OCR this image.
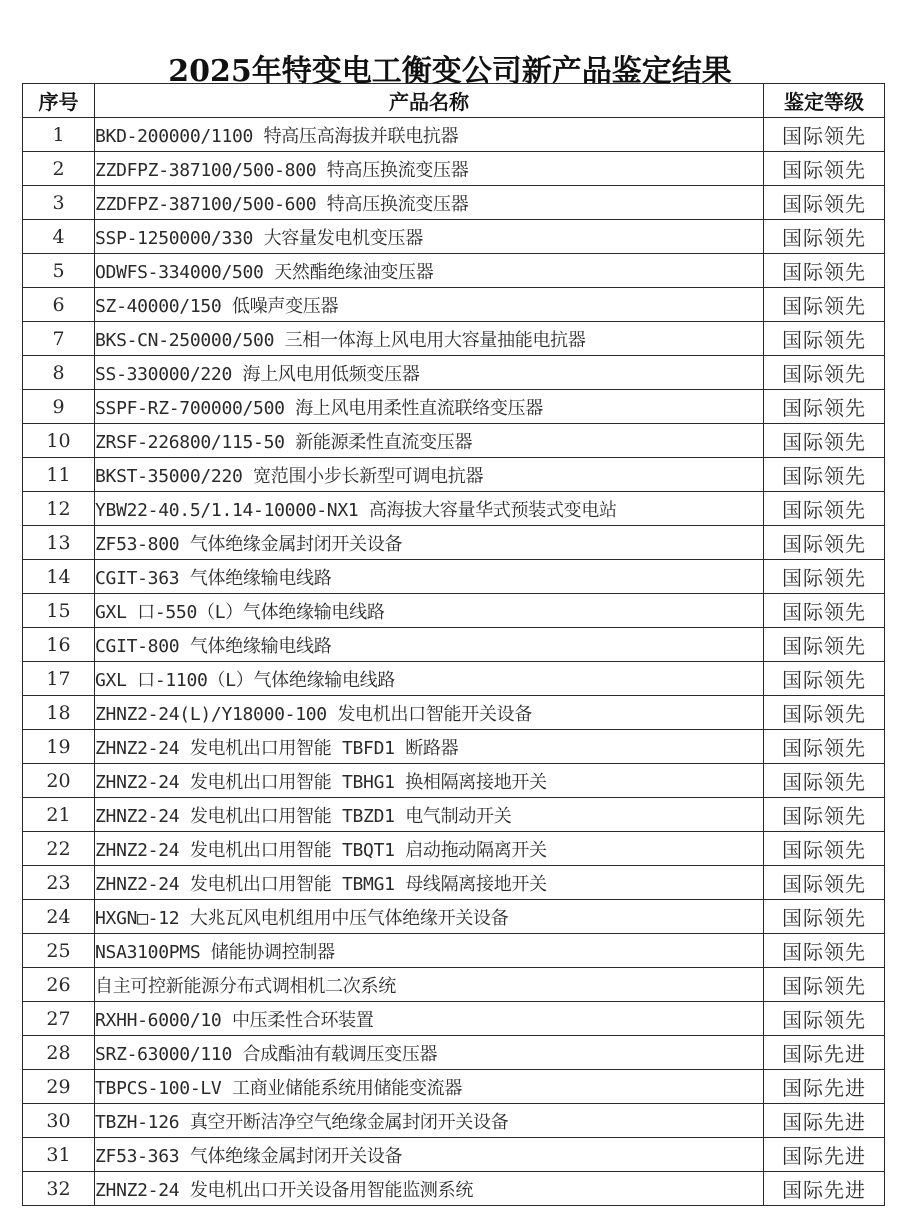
2025年特变电工衡变公司新产品鉴定结果
序号	产品名称	鉴定等级
1	BKD-200000/1100 特高压高海拔并联电抗器	国际领先
2	ZZDFPZ-387100/500-800 特高压换流变压器	国际领先
3	ZZDFPZ-387100/500-600 特高压换流变压器	国际领先
4	SSP-1250000/330 大容量发电机变压器	国际领先
5	ODWFS-334000/500 天然酯绝缘油变压器	国际领先
6	SZ-40000/150 低噪声变压器	国际领先
7	BKS-CN-250000/500 三相一体海上风电用大容量抽能电抗器	国际领先
8	SS-330000/220 海上风电用低频变压器	国际领先
9	SSPF-RZ-700000/500 海上风电用柔性直流联络变压器	国际领先
10	ZRSF-226800/115-50 新能源柔性直流变压器	国际领先
11	BKST-35000/220 宽范围小步长新型可调电抗器	国际领先
12	YBW22-40.5/1.14-10000-NX1 高海拔大容量华式预装式变电站	国际领先
13	ZF53-800 气体绝缘金属封闭开关设备	国际领先
14	CGIT-363 气体绝缘输电线路	国际领先
15	GXL 口-550（L）气体绝缘输电线路	国际领先
16	CGIT-800 气体绝缘输电线路	国际领先
17	GXL 口-1100（L）气体绝缘输电线路	国际领先
18	ZHNZ2-24(L)/Y18000-100 发电机出口智能开关设备	国际领先
19	ZHNZ2-24 发电机出口用智能 TBFD1 断路器	国际领先
20	ZHNZ2-24 发电机出口用智能 TBHG1 换相隔离接地开关	国际领先
21	ZHNZ2-24 发电机出口用智能 TBZD1 电气制动开关	国际领先
22	ZHNZ2-24 发电机出口用智能 TBQT1 启动拖动隔离开关	国际领先
23	ZHNZ2-24 发电机出口用智能 TBMG1 母线隔离接地开关	国际领先
24	HXGN□-12 大兆瓦风电机组用中压气体绝缘开关设备	国际领先
25	NSA3100PMS 储能协调控制器	国际领先
26	自主可控新能源分布式调相机二次系统	国际领先
27	RXHH-6000/10 中压柔性合环装置	国际领先
28	SRZ-63000/110 合成酯油有载调压变压器	国际先进
29	TBPCS-100-LV 工商业储能系统用储能变流器	国际先进
30	TBZH-126 真空开断洁净空气绝缘金属封闭开关设备	国际先进
31	ZF53-363 气体绝缘金属封闭开关设备	国际先进
32	ZHNZ2-24 发电机出口开关设备用智能监测系统	国际先进
